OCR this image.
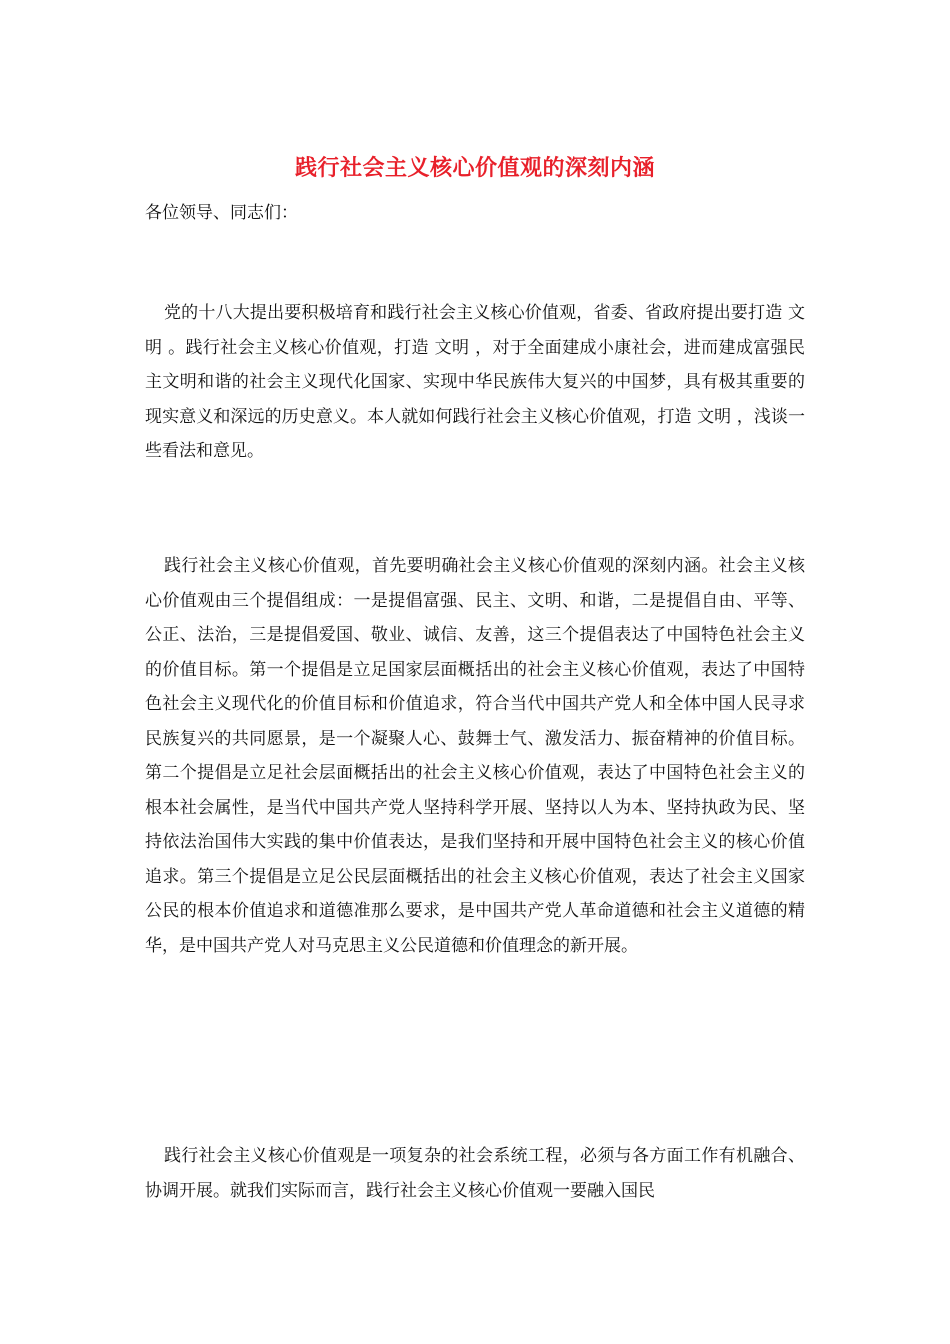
践行社会主义核心价值观的深刻内涵
各位领导、同志们：

党的十八大提出要积极培育和践行社会主义核心价值观，省委、省政府提出要打造 文明 。践行社会主义核心价值观，打造 文明 ，对于全面建成小康社会，进而建成富强民主文明和谐的社会主义现代化国家、实现中华民族伟大复兴的中国梦，具有极其重要的现实意义和深远的历史意义。本人就如何践行社会主义核心价值观，打造 文明 ，浅谈一些看法和意见。

践行社会主义核心价值观，首先要明确社会主义核心价值观的深刻内涵。社会主义核心价值观由三个提倡组成：一是提倡富强、民主、文明、和谐，二是提倡自由、平等、公正、法治，三是提倡爱国、敬业、诚信、友善，这三个提倡表达了中国特色社会主义的价值目标。第一个提倡是立足国家层面概括出的社会主义核心价值观，表达了中国特色社会主义现代化的价值目标和价值追求，符合当代中国共产党人和全体中国人民寻求民族复兴的共同愿景，是一个凝聚人心、鼓舞士气、激发活力、振奋精神的价值目标。第二个提倡是立足社会层面概括出的社会主义核心价值观，表达了中国特色社会主义的根本社会属性，是当代中国共产党人坚持科学开展、坚持以人为本、坚持执政为民、坚持依法治国伟大实践的集中价值表达，是我们坚持和开展中国特色社会主义的核心价值追求。第三个提倡是立足公民层面概括出的社会主义核心价值观，表达了社会主义国家公民的根本价值追求和道德准那么要求，是中国共产党人革命道德和社会主义道德的精华，是中国共产党人对马克思主义公民道德和价值理念的新开展。

践行社会主义核心价值观是一项复杂的社会系统工程，必须与各方面工作有机融合、协调开展。就我们实际而言，践行社会主义核心价值观一要融入国民
